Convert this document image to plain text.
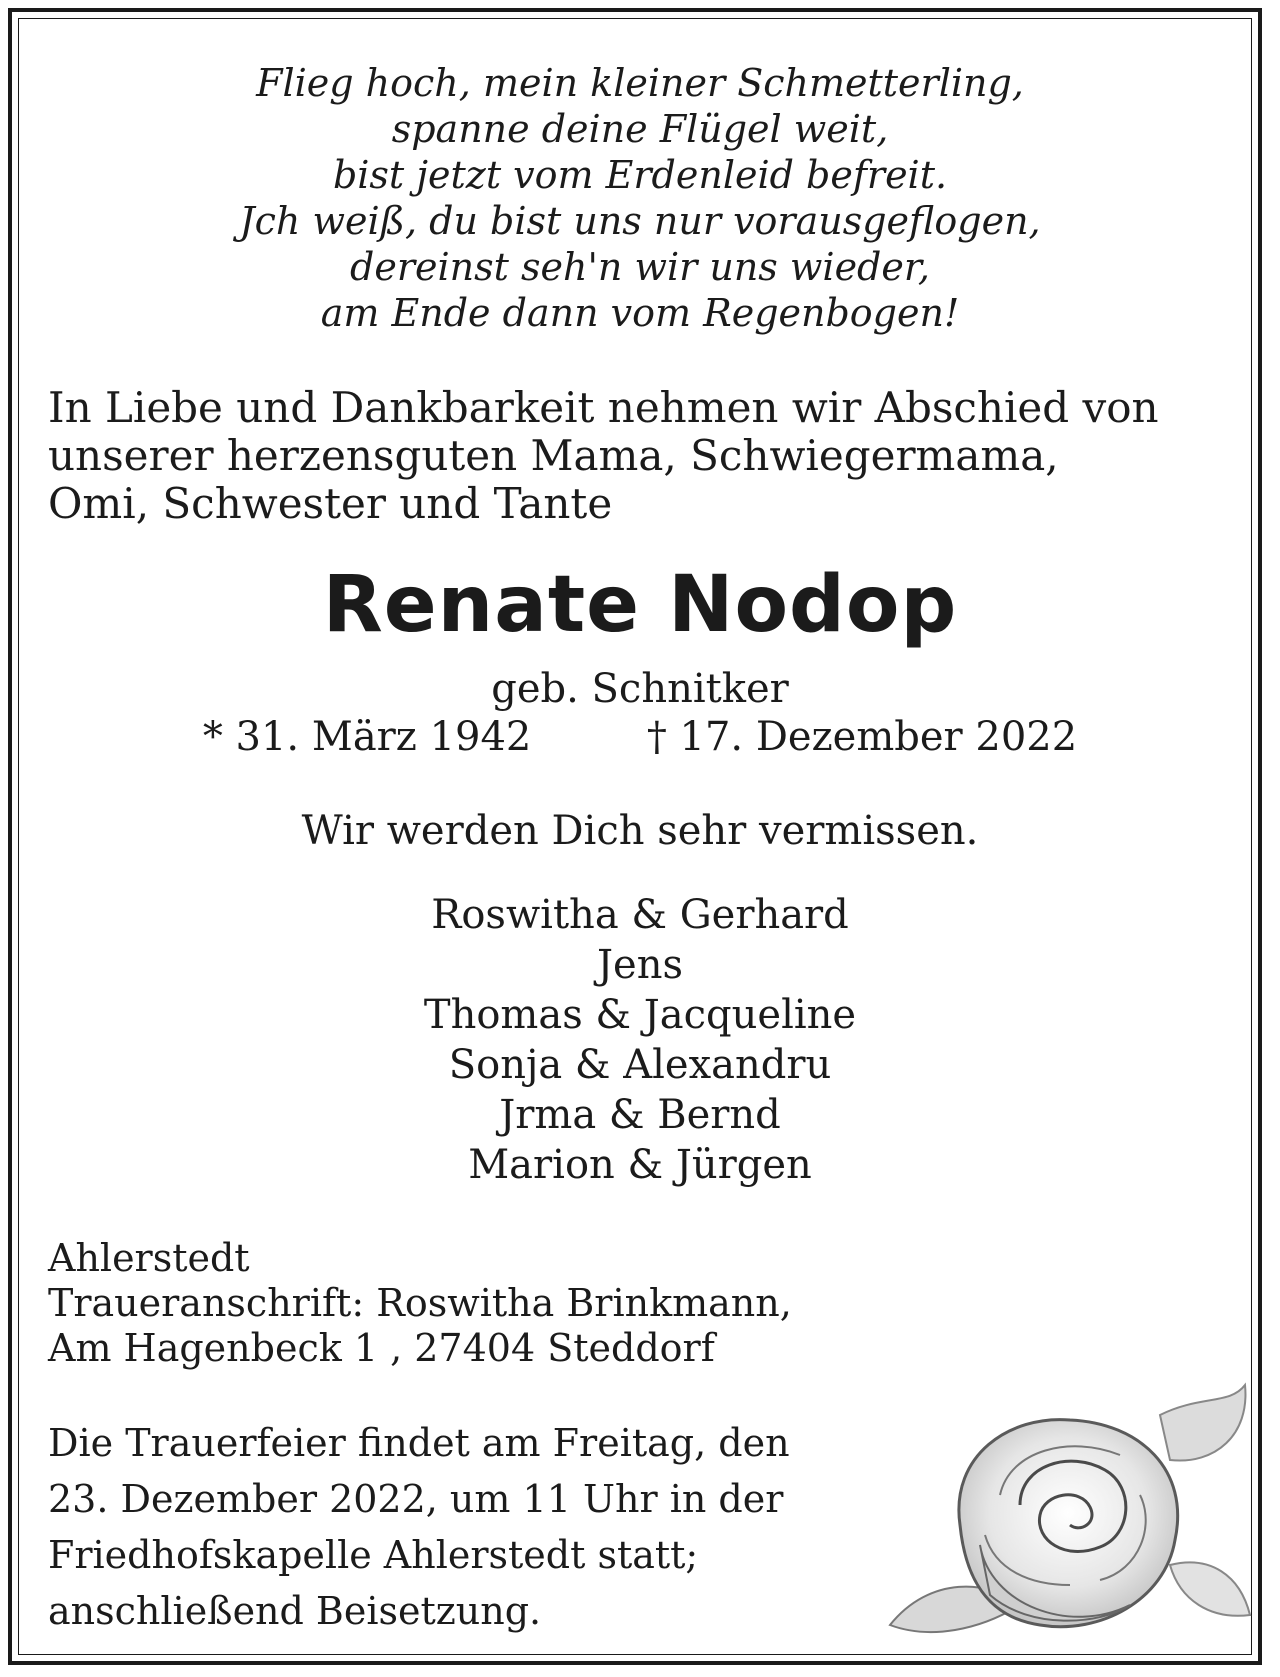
Flieg hoch, mein kleiner Schmetterling,
spanne deine Flügel weit,
bist jetzt vom Erdenleid befreit.
Jch weiß, du bist uns nur vorausgeflogen,
dereinst seh'n wir uns wieder,
am Ende dann vom Regenbogen!
In Liebe und Dankbarkeit nehmen wir Abschied von
unserer herzensguten Mama, Schwiegermama,
Omi, Schwester und Tante
Renate Nodop
geb. Schnitker
* 31. März 1942	† 17. Dezember 2022
Wir werden Dich sehr vermissen.
Roswitha & Gerhard
Jens
Thomas & Jacqueline
Sonja & Alexandru
Jrma & Bernd
Marion & Jürgen
Ahlerstedt
Traueranschrift: Roswitha Brinkmann,
Am Hagenbeck 1 , 27404 Steddorf
Die Trauerfeier findet am Freitag, den
23. Dezember 2022, um 11 Uhr in der
Friedhofskapelle Ahlerstedt statt;
anschließend Beisetzung.
